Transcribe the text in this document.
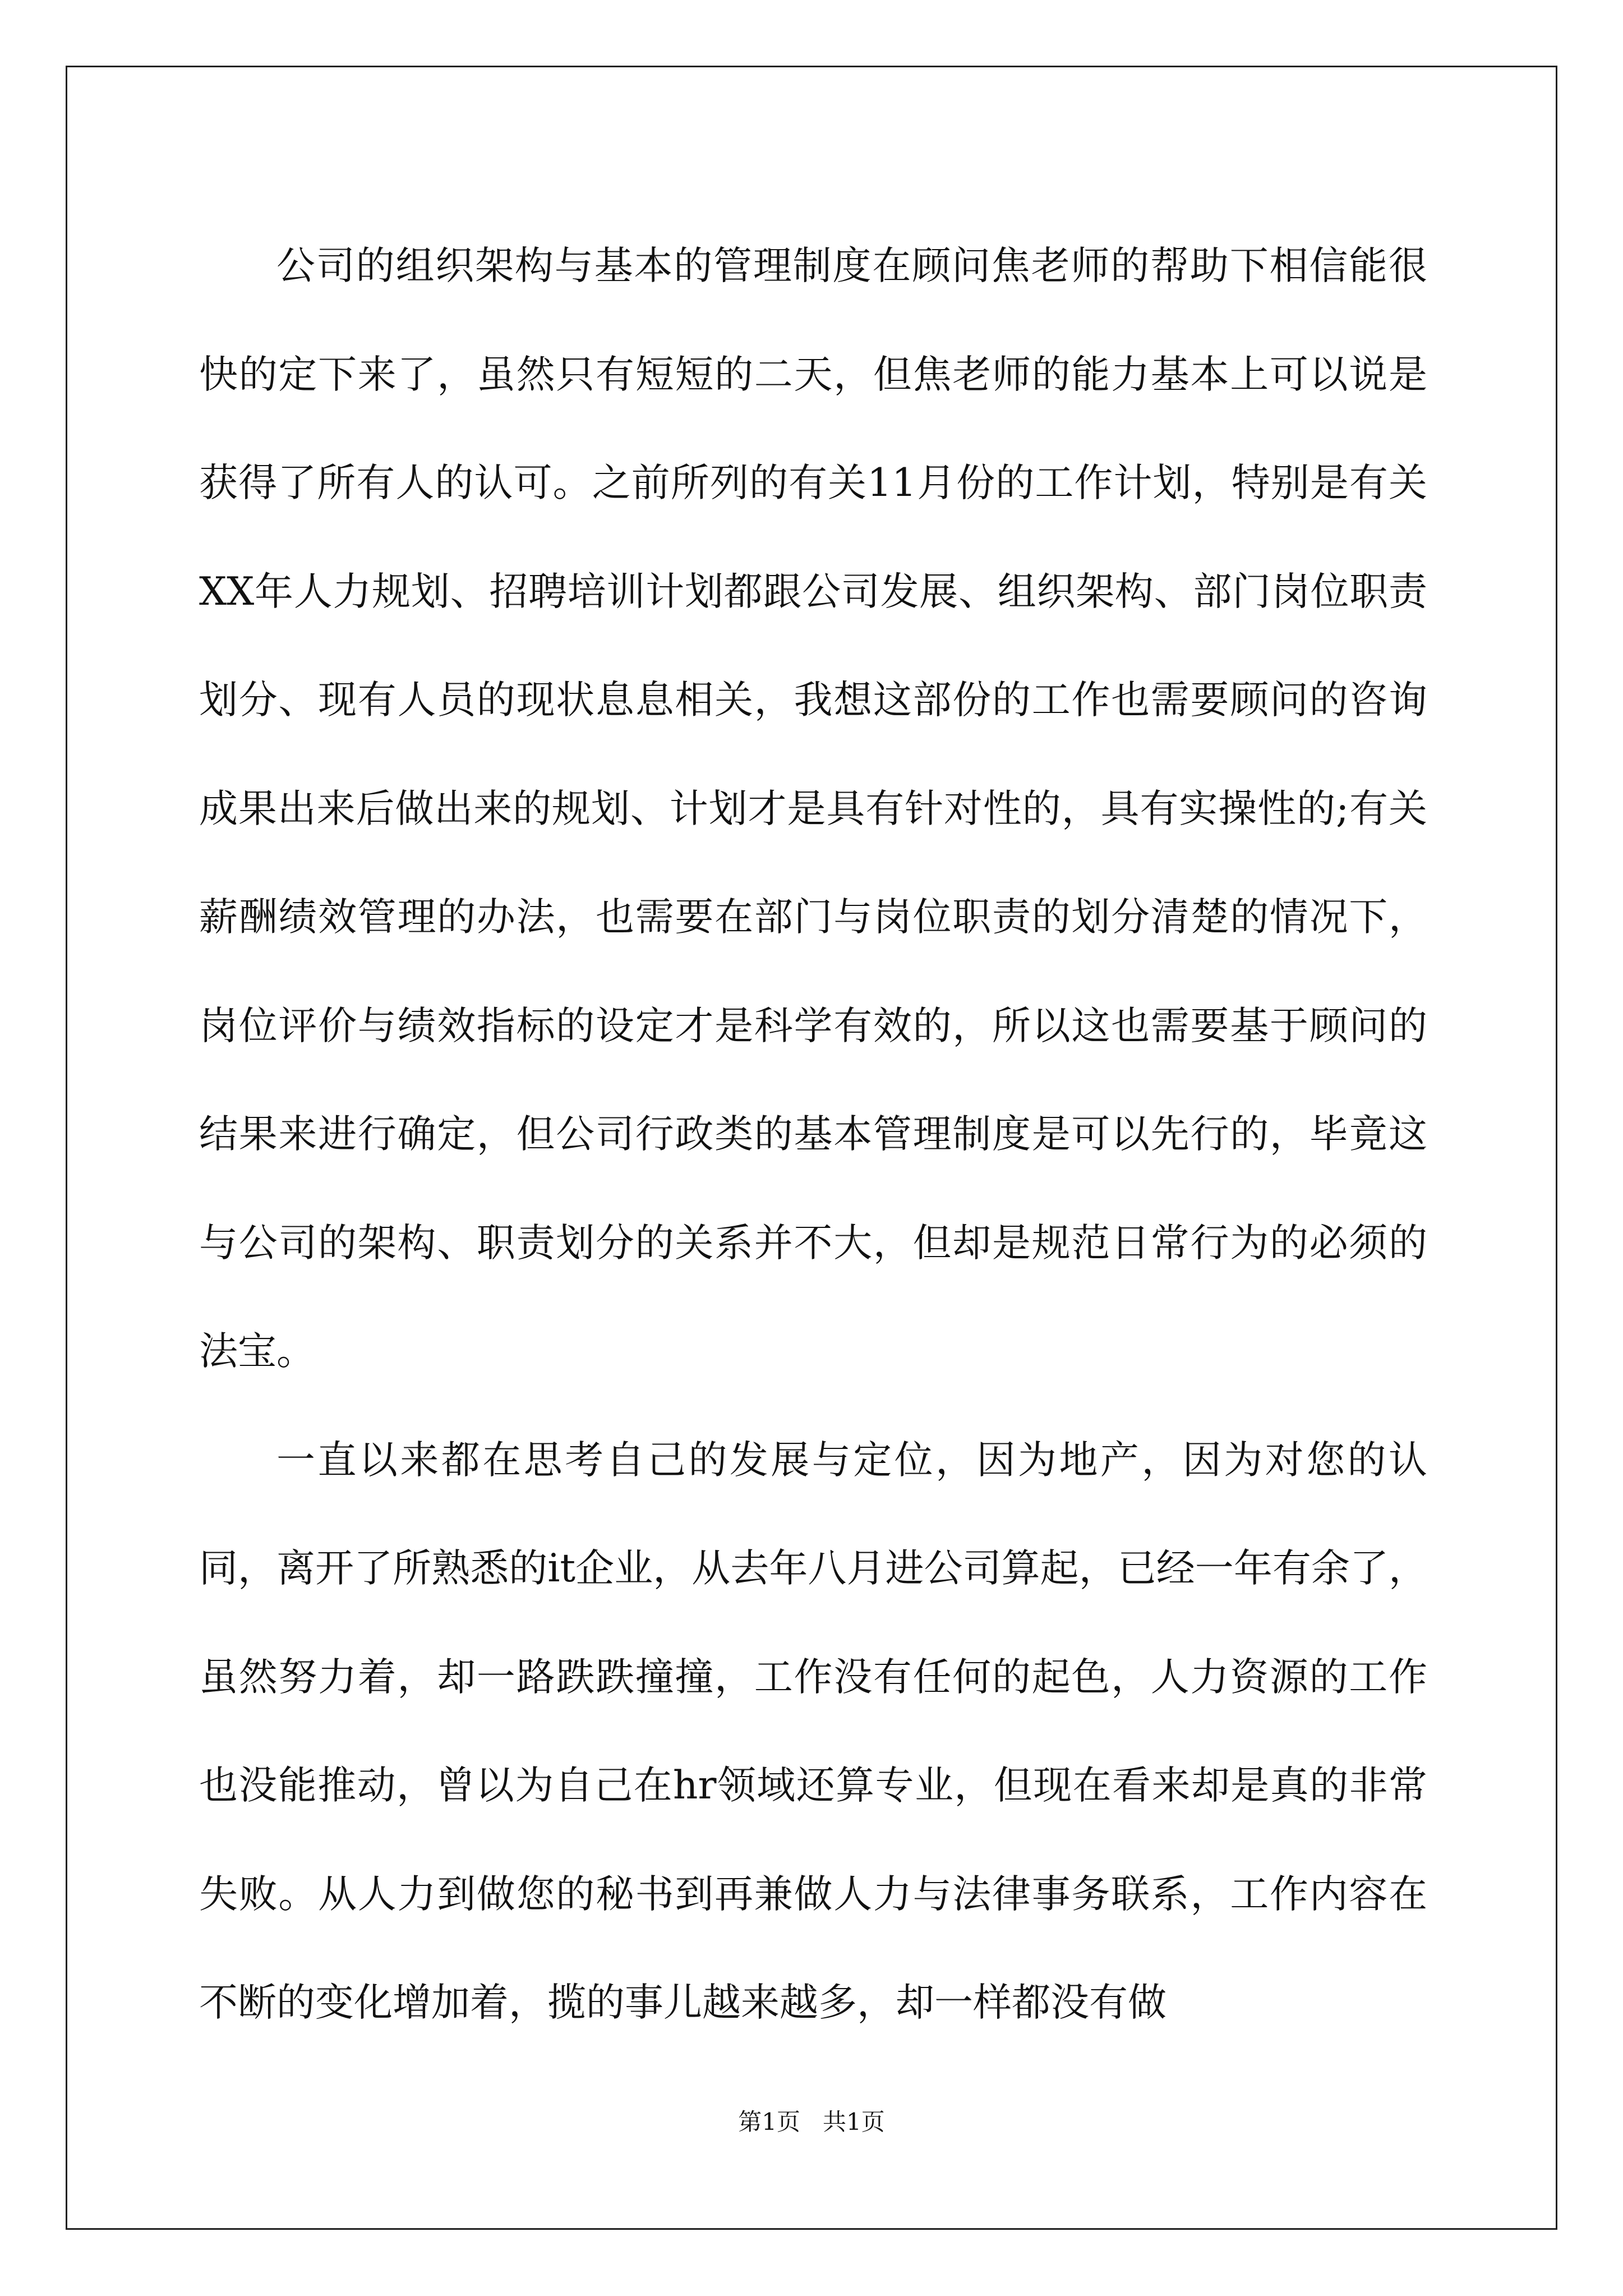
公司的组织架构与基本的管理制度在顾问焦老师的帮助下相信能很快的定下来了，虽然只有短短的二天，但焦老师的能力基本上可以说是获得了所有人的认可。之前所列的有关11月份的工作计划，特别是有关XX年人力规划、招聘培训计划都跟公司发展、组织架构、部门岗位职责划分、现有人员的现状息息相关，我想这部份的工作也需要顾问的咨询成果出来后做出来的规划、计划才是具有针对性的，具有实操性的;有关薪酬绩效管理的办法，也需要在部门与岗位职责的划分清楚的情况下，岗位评价与绩效指标的设定才是科学有效的，所以这也需要基于顾问的结果来进行确定，但公司行政类的基本管理制度是可以先行的，毕竟这与公司的架构、职责划分的关系并不大，但却是规范日常行为的必须的法宝。

一直以来都在思考自己的发展与定位，因为地产，因为对您的认同，离开了所熟悉的it企业，从去年八月进公司算起，已经一年有余了，虽然努力着，却一路跌跌撞撞，工作没有任何的起色，人力资源的工作也没能推动，曾以为自己在hr领域还算专业，但现在看来却是真的非常失败。从人力到做您的秘书到再兼做人力与法律事务联系，工作内容在不断的变化增加着，揽的事儿越来越多，却一样都没有做

第1页   共1页
